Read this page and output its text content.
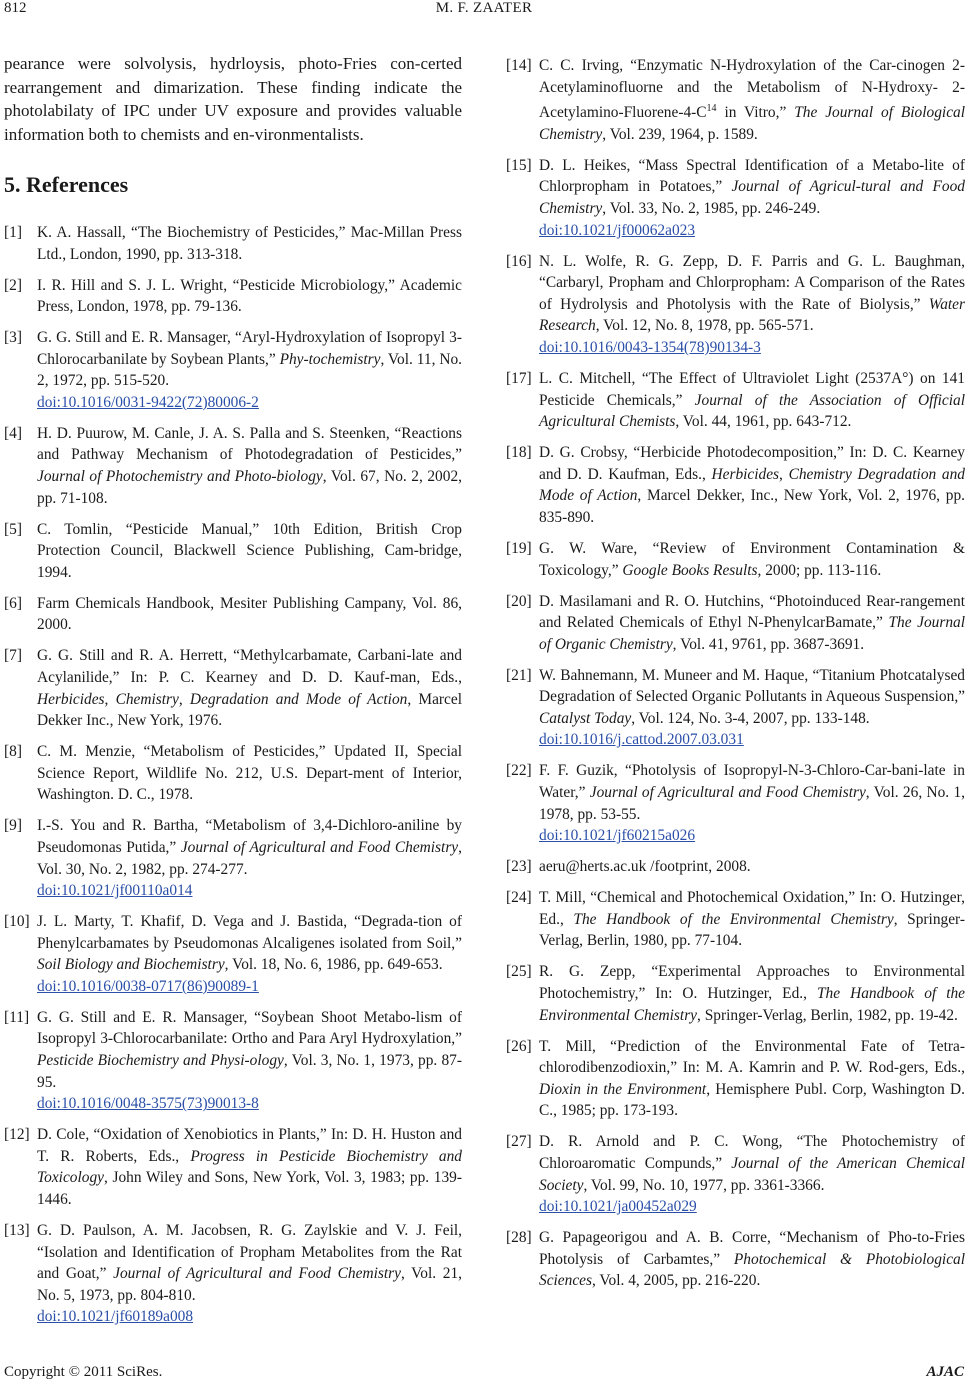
812	M. F. ZAATER

pearance were solvolysis, hydrloysis, photo-Fries con-certed rearrangement and dimarization. These finding indicate the photolabilaty of IPC under UV exposure and provides valuable information both to chemists and en-vironmentalists.

5. References
[1] K. A. Hassall, “The Biochemistry of Pesticides,” Mac-Millan Press Ltd., London, 1990, pp. 313-318.
[2] I. R. Hill and S. J. L. Wright, “Pesticide Microbiology,” Academic Press, London, 1978, pp. 79-136.
[3] G. G. Still and E. R. Mansager, “Aryl-Hydroxylation of Isopropyl 3-Chlorocarbanilate by Soybean Plants,” Phy-tochemistry, Vol. 11, No. 2, 1972, pp. 515-520.
doi:10.1016/0031-9422(72)80006-2
[4] H. D. Puurow, M. Canle, J. A. S. Palla and S. Steenken, “Reactions and Pathway Mechanism of Photodegradation of Pesticides,” Journal of Photochemistry and Photo-biology, Vol. 67, No. 2, 2002, pp. 71-108.
[5] C. Tomlin, “Pesticide Manual,” 10th Edition, British Crop Protection Council, Blackwell Science Publishing, Cam-bridge, 1994.
[6] Farm Chemicals Handbook, Mesiter Publishing Campany, Vol. 86, 2000.
[7] G. G. Still and R. A. Herrett, “Methylcarbamate, Carbani-late and Acylanilide,” In: P. C. Kearney and D. D. Kauf-man, Eds., Herbicides, Chemistry, Degradation and Mode of Action, Marcel Dekker Inc., New York, 1976.
[8] C. M. Menzie, “Metabolism of Pesticides,” Updated II, Special Science Report, Wildlife No. 212, U.S. Depart-ment of Interior, Washington. D. C., 1978.
[9] I.-S. You and R. Bartha, “Metabolism of 3,4-Dichloro-aniline by Pseudomonas Putida,” Journal of Agricultural and Food Chemistry, Vol. 30, No. 2, 1982, pp. 274-277.
doi:10.1021/jf00110a014
[10] J. L. Marty, T. Khafif, D. Vega and J. Bastida, “Degrada-tion of Phenylcarbamates by Pseudomonas Alcaligenes isolated from Soil,” Soil Biology and Biochemistry, Vol. 18, No. 6, 1986, pp. 649-653.
doi:10.1016/0038-0717(86)90089-1
[11] G. G. Still and E. R. Mansager, “Soybean Shoot Metabo-lism of Isopropyl 3-Chlorocarbanilate: Ortho and Para Aryl Hydroxylation,” Pesticide Biochemistry and Physi-ology, Vol. 3, No. 1, 1973, pp. 87-95.
doi:10.1016/0048-3575(73)90013-8
[12] D. Cole, “Oxidation of Xenobiotics in Plants,” In: D. H. Huston and T. R. Roberts, Eds., Progress in Pesticide Biochemistry and Toxicology, John Wiley and Sons, New York, Vol. 3, 1983; pp. 139-1446.
[13] G. D. Paulson, A. M. Jacobsen, R. G. Zaylskie and V. J. Feil, “Isolation and Identification of Propham Metabolites from the Rat and Goat,” Journal of Agricultural and Food Chemistry, Vol. 21, No. 5, 1973, pp. 804-810.
doi:10.1021/jf60189a008
[14] C. C. Irving, “Enzymatic N-Hydroxylation of the Car-cinogen 2-Acetylaminofluorne and the Metabolism of N-Hydroxy- $2-Acetylamino-Fluorene-4-C^{14}$ in Vitro,” The Journal of Biological Chemistry, Vol. 239, 1964, p. 1589.
[15] D. L. Heikes, “Mass Spectral Identification of a Metabo-lite of Chlorpropham in Potatoes,” Journal of Agricul-tural and Food Chemistry, Vol. 33, No. 2, 1985, pp. 246-249.
doi:10.1021/jf00062a023
[16] N. L. Wolfe, R. G. Zepp, D. F. Parris and G. L. Baughman, “Carbaryl, Propham and Chlorpropham: A Comparison of the Rates of Hydrolysis and Photolysis with the Rate of Biolysis,” Water Research, Vol. 12, No. 8, 1978, pp. 565-571.
doi:10.1016/0043-1354(78)90134-3
[17] L. C. Mitchell, “The Effect of Ultraviolet Light (2537A°) on 141 Pesticide Chemicals,” Journal of the Association of Official Agricultural Chemists, Vol. 44, 1961, pp. 643-712.
[18] D. G. Crobsy, “Herbicide Photodecomposition,” In: D. C. Kearney and D. D. Kaufman, Eds., Herbicides, Chemistry Degradation and Mode of Action, Marcel Dekker, Inc., New York, Vol. 2, 1976, pp. 835-890.
[19] G. W. Ware, “Review of Environment Contamination & Toxicology,” Google Books Results, 2000; pp. 113-116.
[20] D. Masilamani and R. O. Hutchins, “Photoinduced Rear-rangement and Related Chemicals of Ethyl N-PhenylcarBamate,” The Journal of Organic Chemistry, Vol. 41, 9761, pp. 3687-3691.
[21] W. Bahnemann, M. Muneer and M. Haque, “Titanium Photcatalysed Degradation of Selected Organic Pollutants in Aqueous Suspension,” Catalyst Today, Vol. 124, No. 3-4, 2007, pp. 133-148.
doi:10.1016/j.cattod.2007.03.031
[22] F. F. Guzik, “Photolysis of Isopropyl-N-3-Chloro-Car-bani-late in Water,” Journal of Agricultural and Food Chemistry, Vol. 26, No. 1, 1978, pp. 53-55.
doi:10.1021/jf60215a026
[23] aeru@herts.ac.uk /footprint, 2008.
[24] T. Mill, “Chemical and Photochemical Oxidation,” In: O. Hutzinger, Ed., The Handbook of the Environmental Chemistry, Springer-Verlag, Berlin, 1980, pp. 77-104.
[25] R. G. Zepp, “Experimental Approaches to Environmental Photochemistry,” In: O. Hutzinger, Ed., The Handbook of the Environmental Chemistry, Springer-Verlag, Berlin, 1982, pp. 19-42.
[26] T. Mill, “Prediction of the Environmental Fate of Tetra-chlorodibenzodioxin,” In: M. A. Kamrin and P. W. Rod-gers, Eds., Dioxin in the Environment, Hemisphere Publ. Corp, Washington D. C., 1985; pp. 173-193.
[27] D. R. Arnold and P. C. Wong, “The Photochemistry of Chloroaromatic Compunds,” Journal of the American Chemical Society, Vol. 99, No. 10, 1977, pp. 3361-3366.
doi:10.1021/ja00452a029
[28] G. Papageorigou and A. B. Corre, “Mechanism of Pho-to-Fries Photolysis of Carbamtes,” Photochemical & Photobiological Sciences, Vol. 4, 2005, pp. 216-220.
Copyright © 2011 SciRes.	AJAC
